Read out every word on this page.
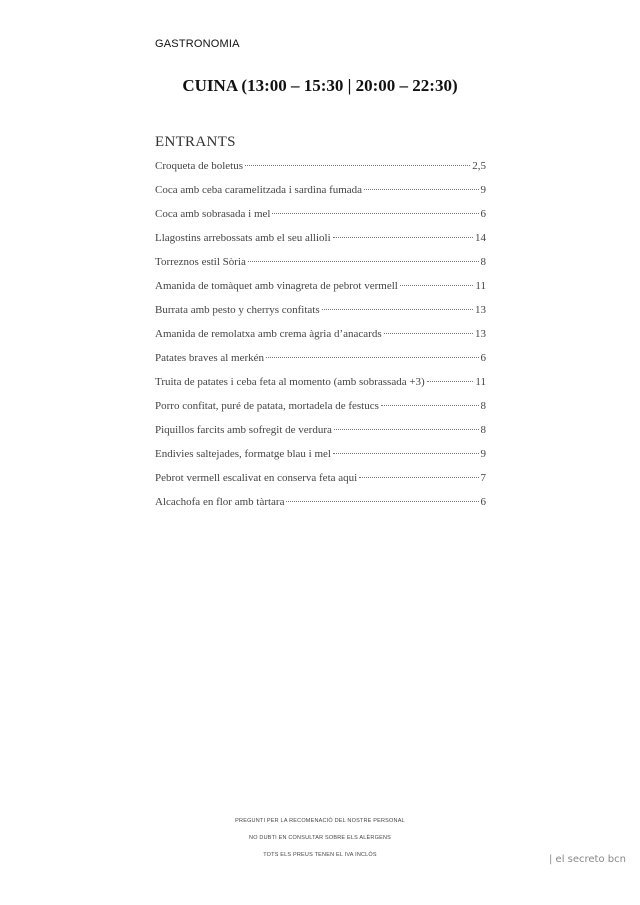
GASTRONOMIA
CUINA (13:00 – 15:30 | 20:00 – 22:30)
ENTRANTS
Croqueta de boletus	2,5
Coca amb ceba caramelitzada i sardina fumada	9
Coca amb sobrasada i mel	6
Llagostins arrebossats amb el seu allioli	14
Torreznos estil Sòria	8
Amanida de tomàquet amb vinagreta de pebrot vermell	11
Burrata amb pesto y cherrys confitats	13
Amanida de remolatxa amb crema àgria d’anacards	13
Patates braves al merkén	6
Truita de patates i ceba feta al momento (amb sobrassada +3)	11
Porro confitat, puré de patata, mortadela de festucs	8
Piquillos farcits amb sofregit de verdura	8
Endivies saltejades, formatge blau i mel	9
Pebrot vermell escalivat en conserva feta aqui	7
Alcachofa en flor amb tàrtara	6
PREGUNTI PER LA RECOMENACIÓ DEL NOSTRE PERSONAL
NO DUBTI EN CONSULTAR SOBRE ELS ALÈRGENS
TOTS ELS PREUS TENEN EL IVA INCLÒS	| el secreto bcn
